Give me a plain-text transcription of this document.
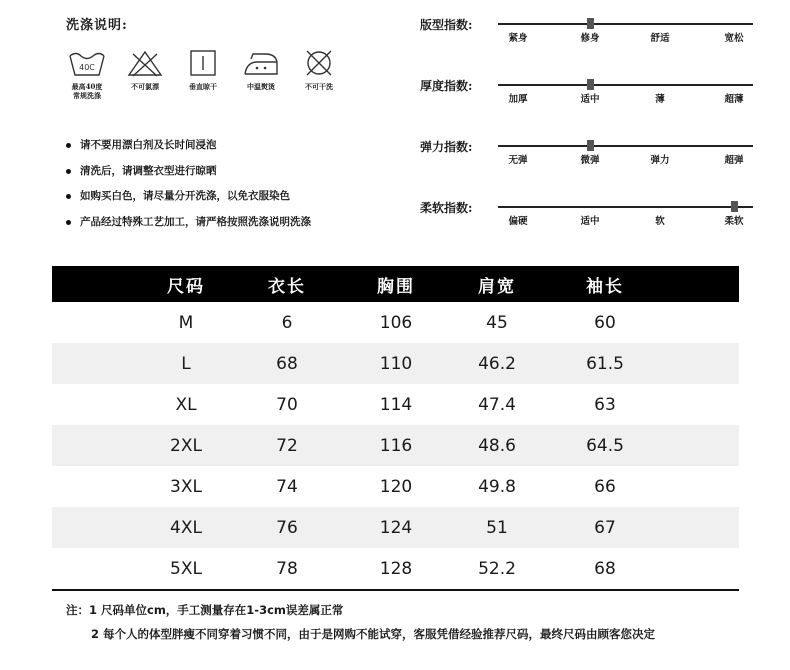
洗涤说明:
40C
最高40度
常规洗涤
不可氯漂	垂直晾干	中温熨烫	不可干洗
请不要用漂白剂及长时间浸泡
清洗后，请调整衣型进行晾晒
如购买白色，请尽量分开洗涤，以免衣服染色
产品经过特殊工艺加工，请严格按照洗涤说明洗涤
版型指数:
紧身	修身	舒适	宽松
厚度指数:
加厚	适中	薄	超薄
弹力指数:
无弹	微弹	弹力	超弹
柔软指数:
偏硬	适中	软	柔软
尺码	衣长	胸围	肩宽	袖长
M	6	106	45	60
L	68	110	46.2	61.5
XL	70	114	47.4	63
2XL	72	116	48.6	64.5
3XL	74	120	49.8	66
4XL	76	124	51	67
5XL	78	128	52.2	68
注：1 尺码单位cm，手工测量存在1-3cm误差属正常
2 每个人的体型胖瘦不同穿着习惯不同，由于是网购不能试穿，客服凭借经验推荐尺码，最终尺码由顾客您决定
